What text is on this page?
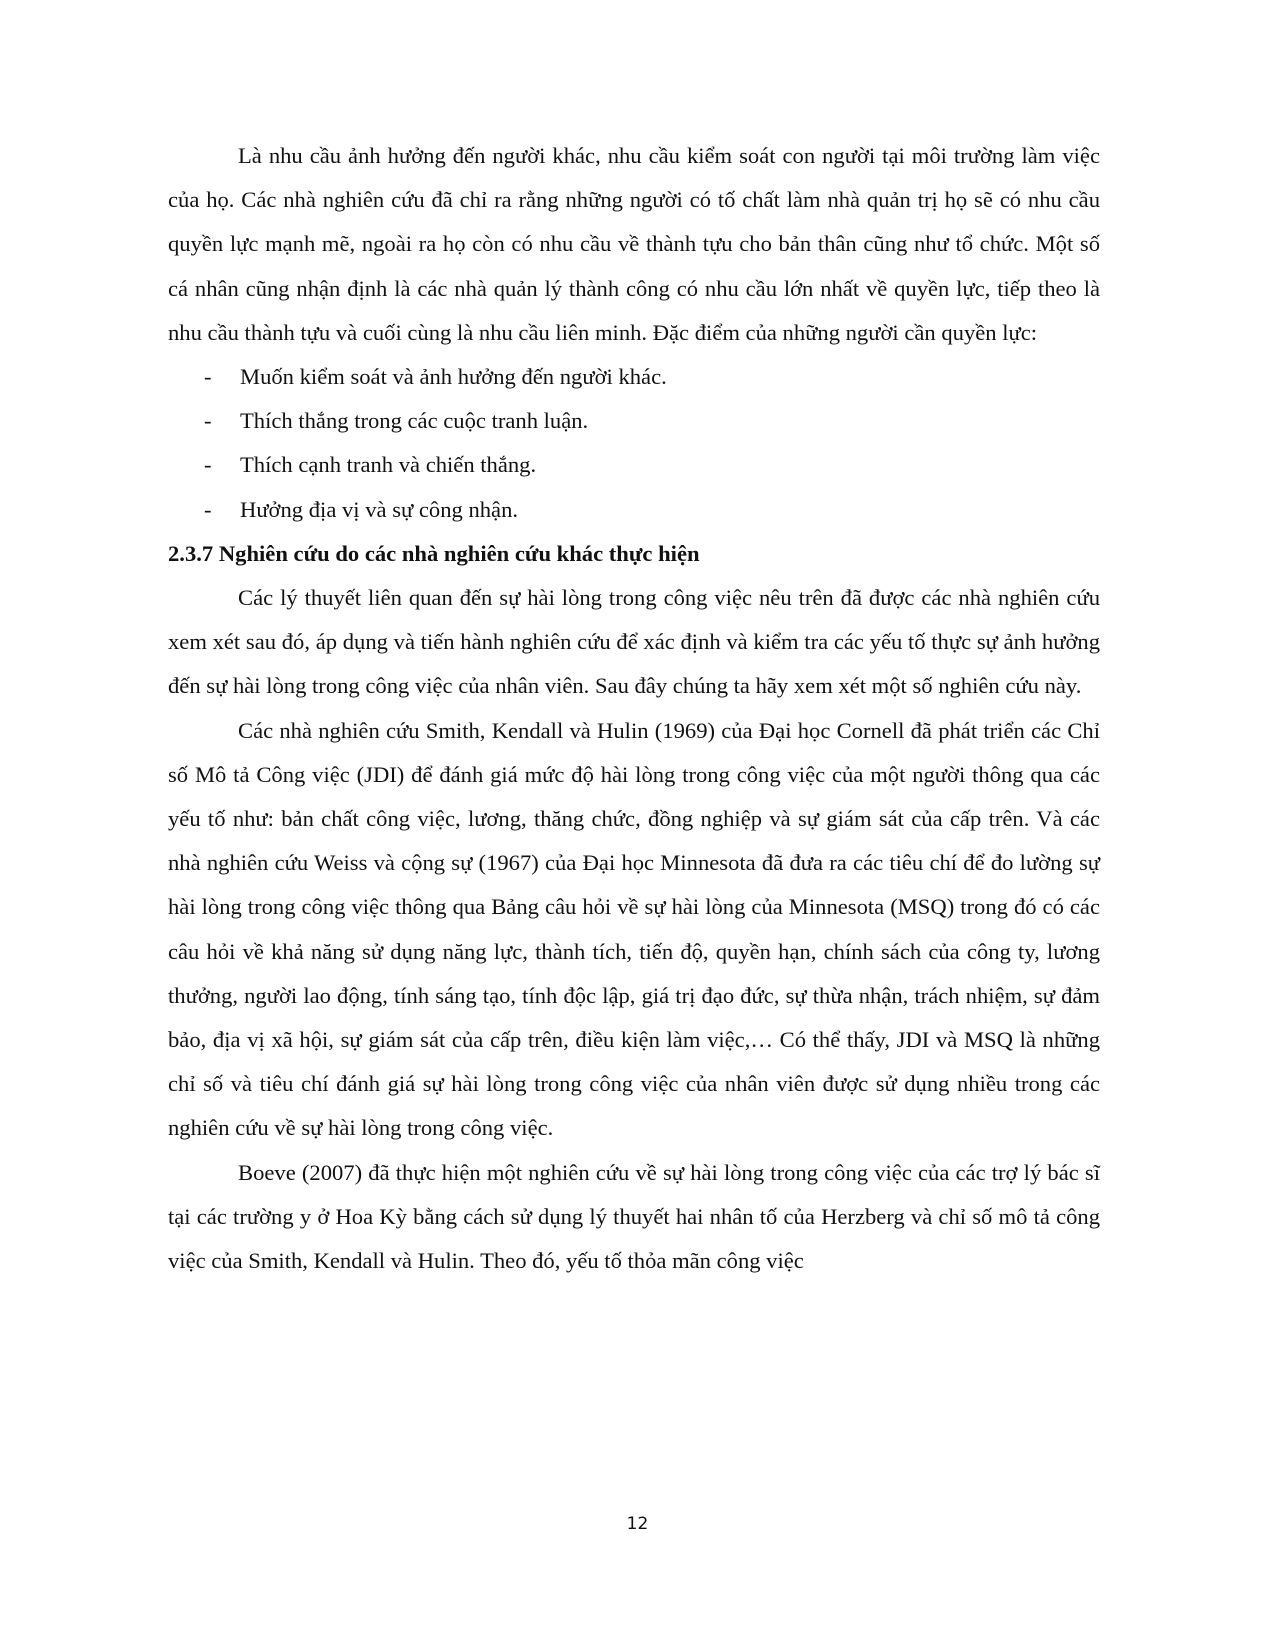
Là nhu cầu ảnh hưởng đến người khác, nhu cầu kiểm soát con người tại môi trường làm việc của họ. Các nhà nghiên cứu đã chỉ ra rằng những người có tố chất làm nhà quản trị họ sẽ có nhu cầu quyền lực mạnh mẽ, ngoài ra họ còn có nhu cầu về thành tựu cho bản thân cũng như tổ chức. Một số cá nhân cũng nhận định là các nhà quản lý thành công có nhu cầu lớn nhất về quyền lực, tiếp theo là nhu cầu thành tựu và cuối cùng là nhu cầu liên minh. Đặc điểm của những người cần quyền lực:

- Muốn kiểm soát và ảnh hưởng đến người khác.
- Thích thắng trong các cuộc tranh luận.
- Thích cạnh tranh và chiến thắng.
- Hưởng địa vị và sự công nhận.
2.3.7 Nghiên cứu do các nhà nghiên cứu khác thực hiện

Các lý thuyết liên quan đến sự hài lòng trong công việc nêu trên đã được các nhà nghiên cứu xem xét sau đó, áp dụng và tiến hành nghiên cứu để xác định và kiểm tra các yếu tố thực sự ảnh hưởng đến sự hài lòng trong công việc của nhân viên. Sau đây chúng ta hãy xem xét một số nghiên cứu này.

Các nhà nghiên cứu Smith, Kendall và Hulin (1969) của Đại học Cornell đã phát triển các Chỉ số Mô tả Công việc (JDI) để đánh giá mức độ hài lòng trong công việc của một người thông qua các yếu tố như: bản chất công việc, lương, thăng chức, đồng nghiệp và sự giám sát của cấp trên. Và các nhà nghiên cứu Weiss và cộng sự (1967) của Đại học Minnesota đã đưa ra các tiêu chí để đo lường sự hài lòng trong công việc thông qua Bảng câu hỏi về sự hài lòng của Minnesota (MSQ) trong đó có các câu hỏi về khả năng sử dụng năng lực, thành tích, tiến độ, quyền hạn, chính sách của công ty, lương thưởng, người lao động, tính sáng tạo, tính độc lập, giá trị đạo đức, sự thừa nhận, trách nhiệm, sự đảm bảo, địa vị xã hội, sự giám sát của cấp trên, điều kiện làm việc,… Có thể thấy, JDI và MSQ là những chỉ số và tiêu chí đánh giá sự hài lòng trong công việc của nhân viên được sử dụng nhiều trong các nghiên cứu về sự hài lòng trong công việc.

Boeve (2007) đã thực hiện một nghiên cứu về sự hài lòng trong công việc của các trợ lý bác sĩ tại các trường y ở Hoa Kỳ bằng cách sử dụng lý thuyết hai nhân tố của Herzberg và chỉ số mô tả công việc của Smith, Kendall và Hulin. Theo đó, yếu tố thỏa mãn công việc

12
